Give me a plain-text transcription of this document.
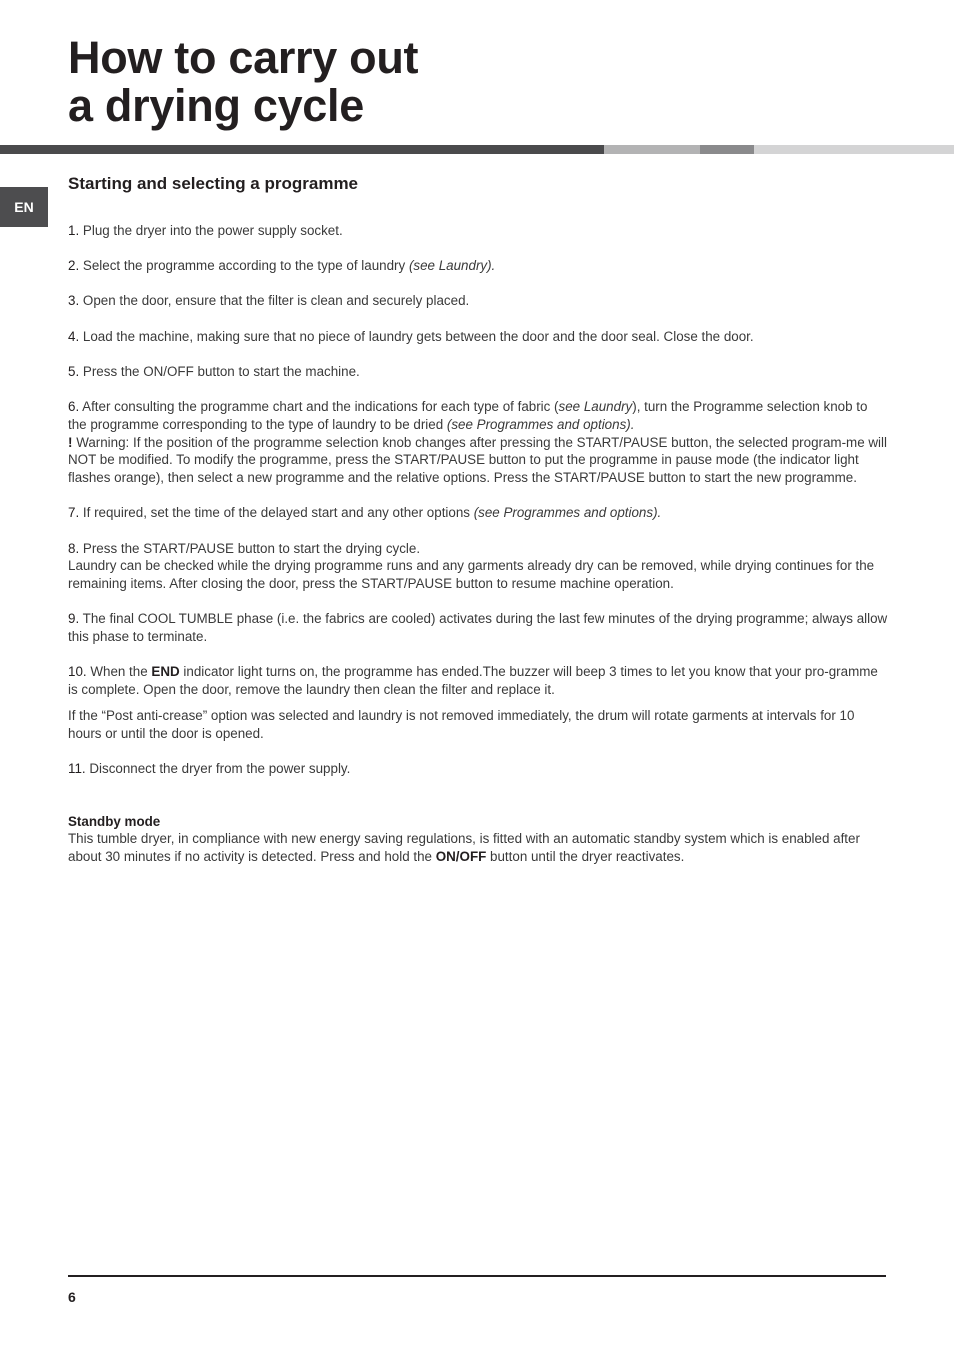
How to carry out
a drying cycle
EN
Starting and selecting a programme

1. Plug the dryer into the power supply socket.

2. Select the programme according to the type of laundry (see Laundry).

3. Open the door, ensure that the filter is clean and securely placed.

4. Load the machine, making sure that no piece of laundry gets between the door and the door seal. Close the door.

5. Press the ON/OFF button to start the machine.

6. After consulting the programme chart and the indications for each type of fabric (see Laundry), turn the Programme selection knob to the programme corresponding to the type of laundry to be dried (see Programmes and options).

! Warning: If the position of the programme selection knob changes after pressing the START/PAUSE button, the selected program-me will NOT be modified. To modify the programme, press the START/PAUSE button to put the programme in pause mode (the indicator light flashes orange), then select a new programme and the relative options. Press the START/PAUSE button to start the new programme.

7. If required, set the time of the delayed start and any other options (see Programmes and options).

8. Press the START/PAUSE button to start the drying cycle.

Laundry can be checked while the drying programme runs and any garments already dry can be removed, while drying continues for the remaining items. After closing the door, press the START/PAUSE button to resume machine operation.

9. The final COOL TUMBLE phase (i.e. the fabrics are cooled) activates during the last few minutes of the drying programme; always allow this phase to terminate.

10. When the END indicator light turns on, the programme has ended.The buzzer will beep 3 times to let you know that your pro-gramme is complete. Open the door, remove the laundry then clean the filter and replace it.

If the “Post anti-crease” option was selected and laundry is not removed immediately, the drum will rotate garments at intervals for 10 hours or until the door is opened.

11. Disconnect the dryer from the power supply.

Standby mode

This tumble dryer, in compliance with new energy saving regulations, is fitted with an automatic standby system which is enabled after about 30 minutes if no activity is detected. Press and hold the ON/OFF button until the dryer reactivates.

6
